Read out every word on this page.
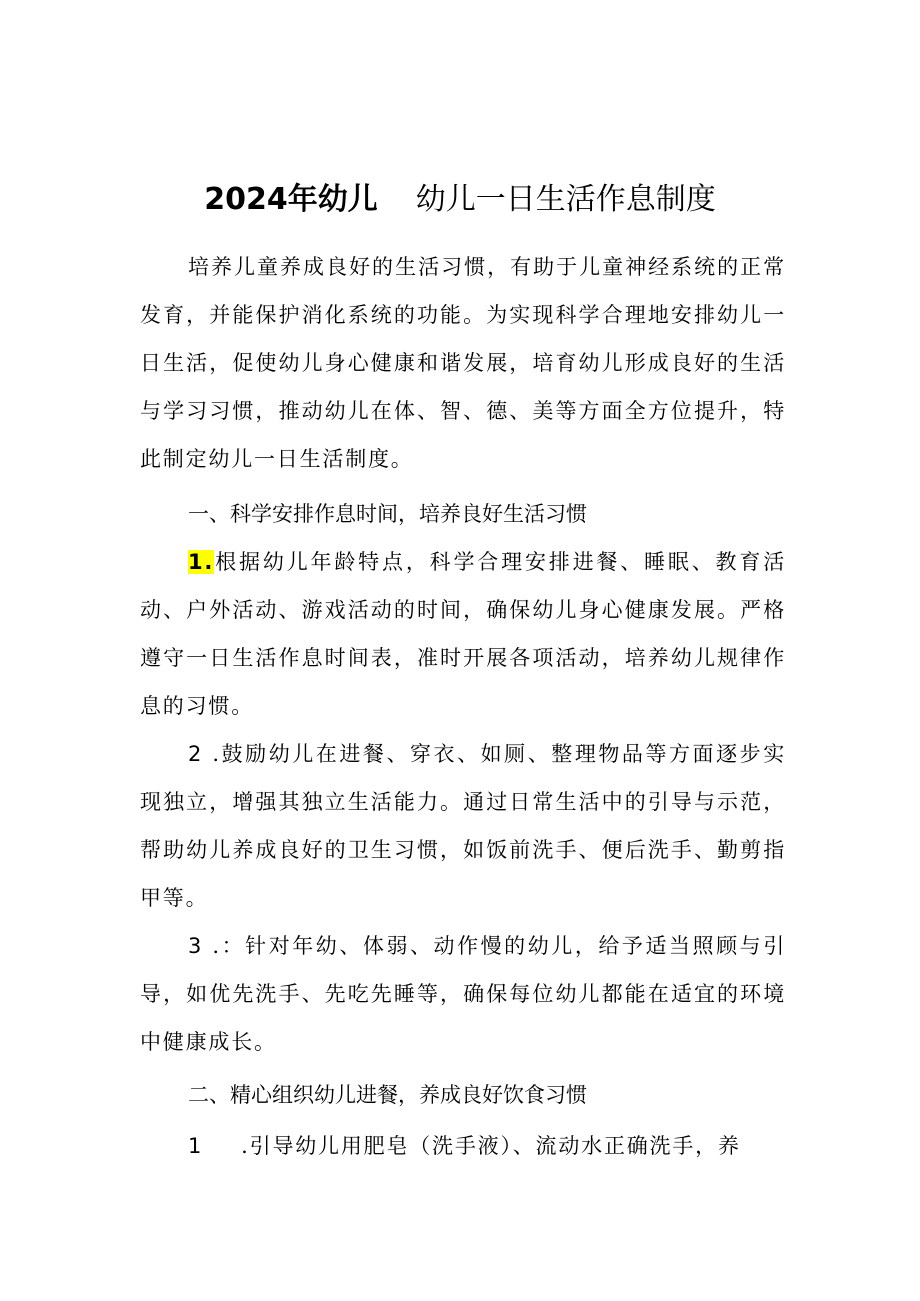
2024年幼儿 幼儿一日生活作息制度

培养儿童养成良好的生活习惯，有助于儿童神经系统的正常发育，并能保护消化系统的功能。为实现科学合理地安排幼儿一日生活，促使幼儿身心健康和谐发展，培育幼儿形成良好的生活与学习习惯，推动幼儿在体、智、德、美等方面全方位提升，特此制定幼儿一日生活制度。

一、科学安排作息时间，培养良好生活习惯

1.根据幼儿年龄特点，科学合理安排进餐、睡眠、教育活动、户外活动、游戏活动的时间，确保幼儿身心健康发展。严格遵守一日生活作息时间表，准时开展各项活动，培养幼儿规律作息的习惯。

2 .鼓励幼儿在进餐、穿衣、如厕、整理物品等方面逐步实现独立，增强其独立生活能力。通过日常生活中的引导与示范，帮助幼儿养成良好的卫生习惯，如饭前洗手、便后洗手、勤剪指甲等。

3 .：针对年幼、体弱、动作慢的幼儿，给予适当照顾与引导，如优先洗手、先吃先睡等，确保每位幼儿都能在适宜的环境中健康成长。

二、精心组织幼儿进餐，养成良好饮食习惯

1 .引导幼儿用肥皂（洗手液）、流动水正确洗手，养
